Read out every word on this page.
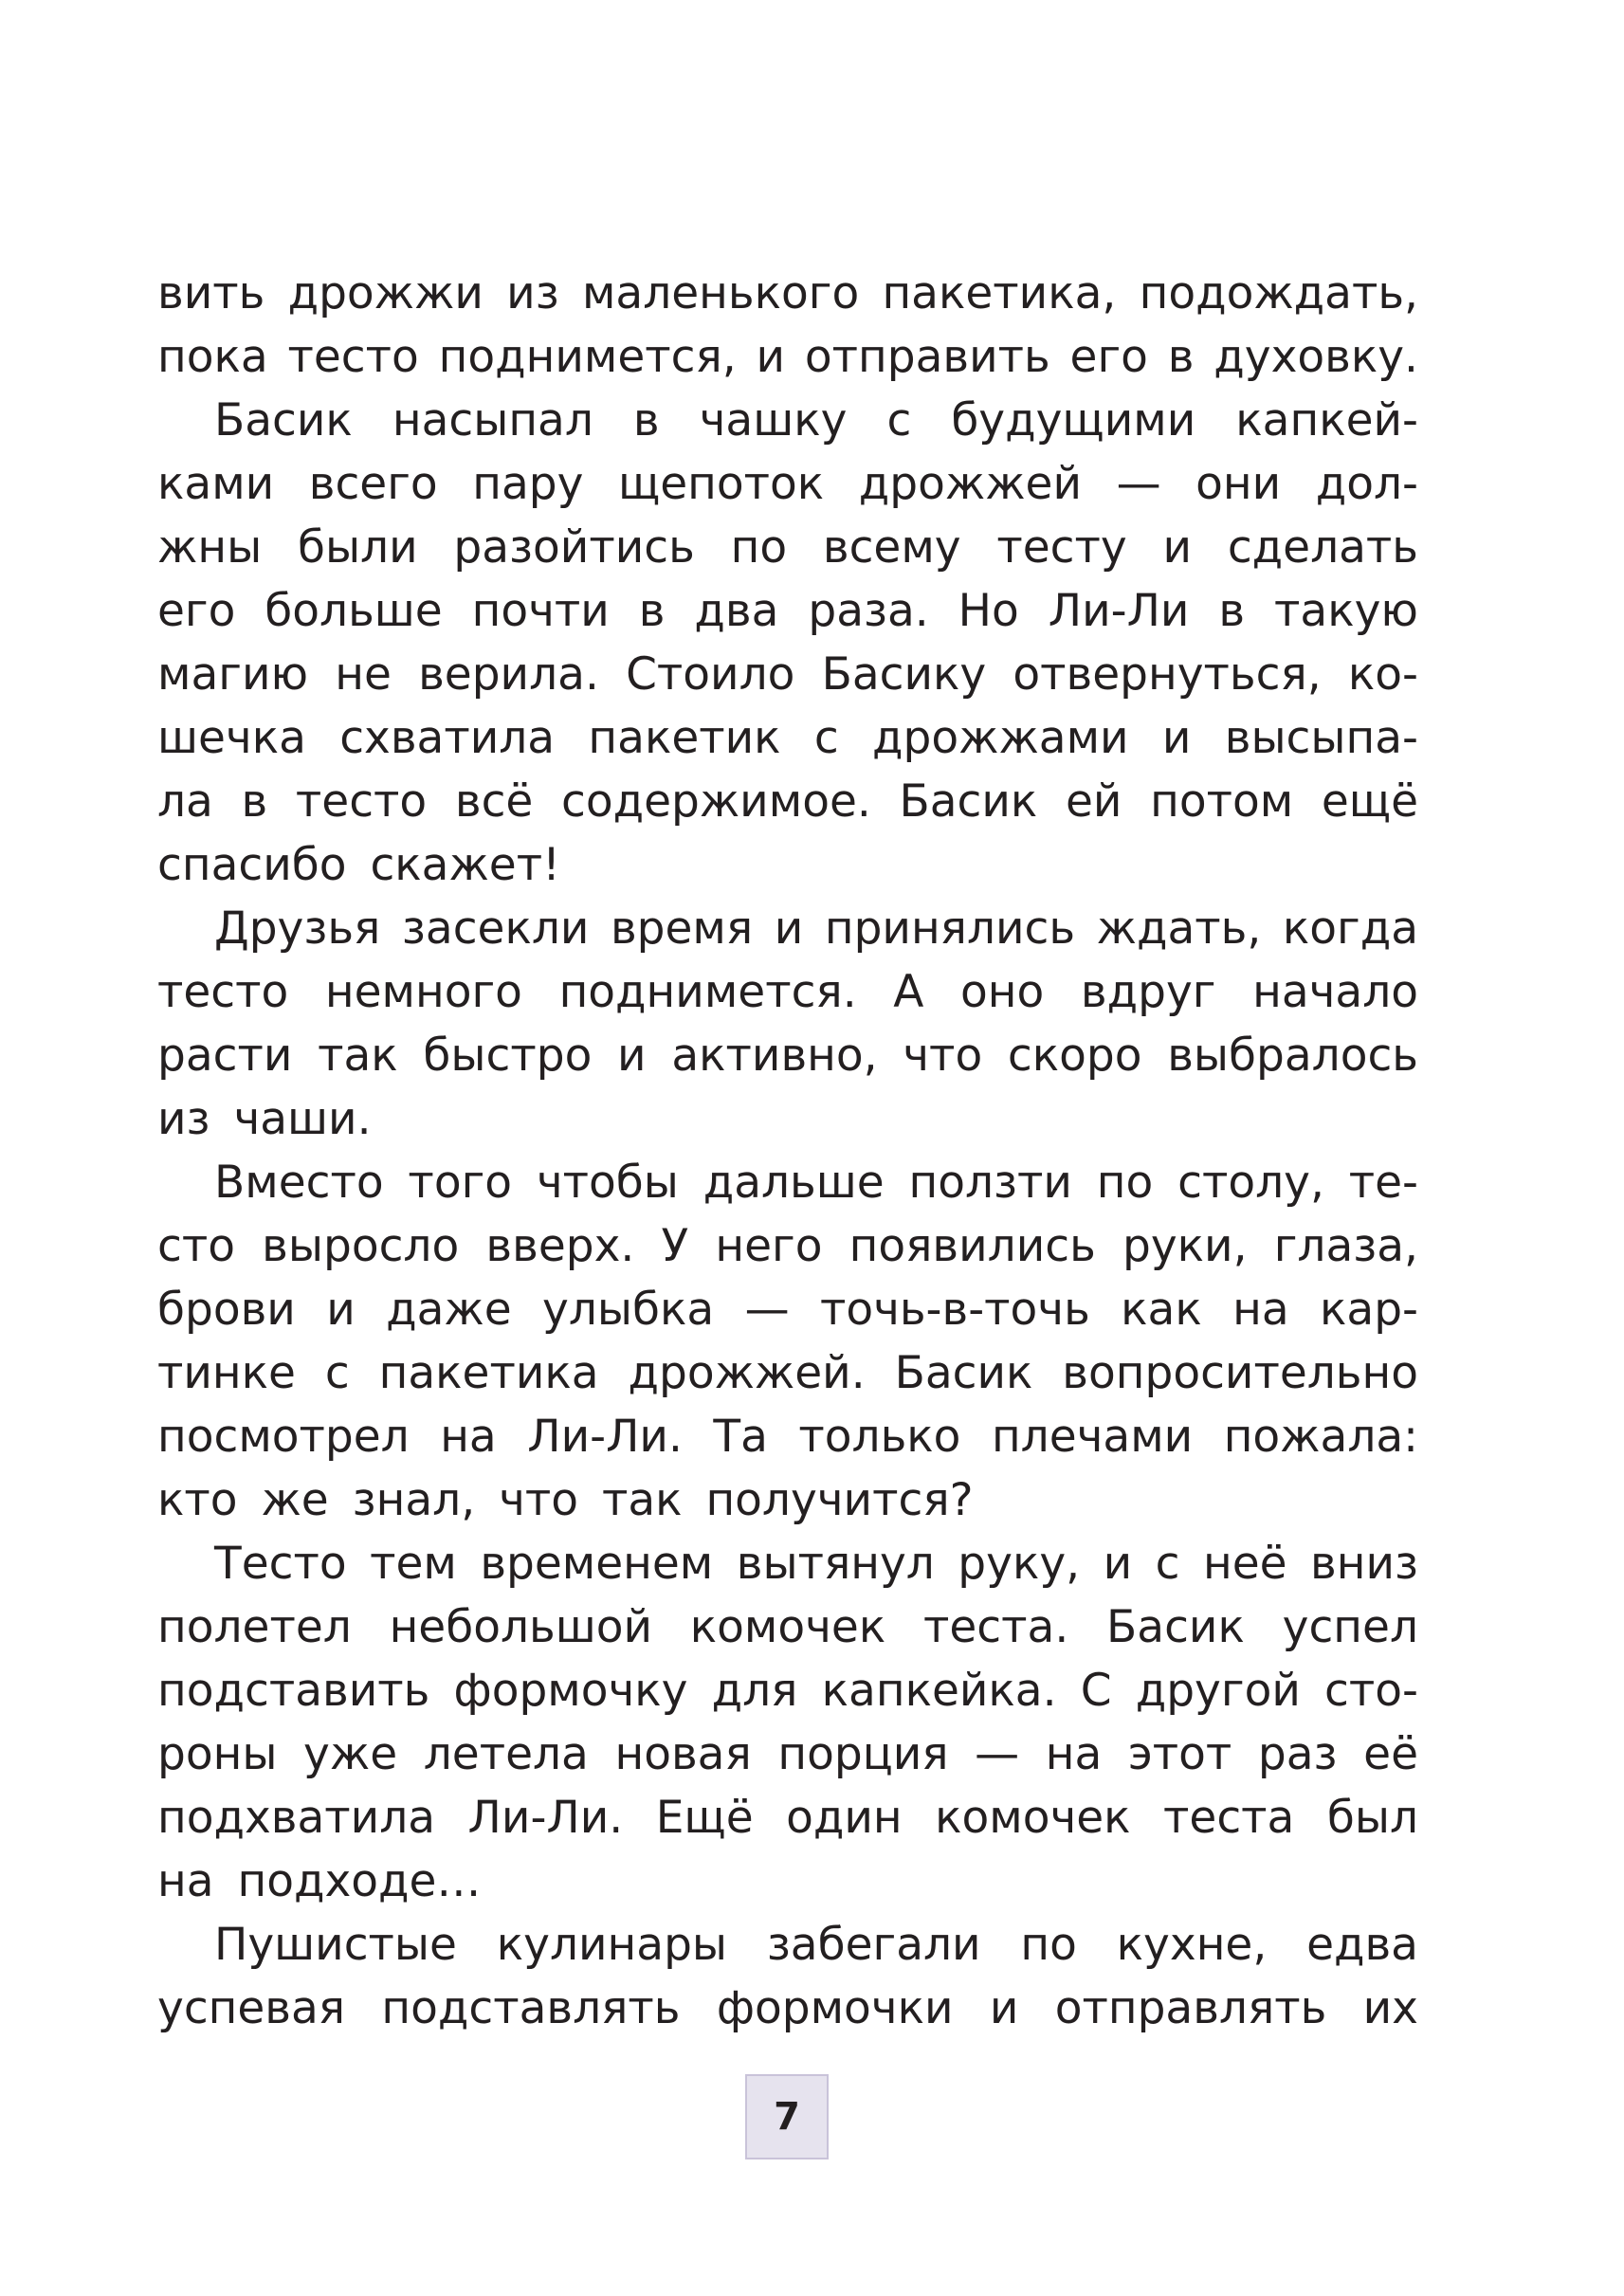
вить дрожжи из маленького пакетика, подождать,
пока тесто поднимется, и отправить его в духовку.
Басик насыпал в чашку с будущими капкей-
ками всего пару щепоток дрожжей — они дол-
жны были разойтись по всему тесту и сделать
его больше почти в два раза. Но Ли-Ли в такую
магию не верила. Стоило Басику отвернуться, ко-
шечка схватила пакетик с дрожжами и высыпа-
ла в тесто всё содержимое. Басик ей потом ещё
спасибо скажет!
Друзья засекли время и принялись ждать, когда
тесто немного поднимется. А оно вдруг начало
расти так быстро и активно, что скоро выбралось
из чаши.
Вместо того чтобы дальше ползти по столу, те-
сто выросло вверх. У него появились руки, глаза,
брови и даже улыбка — точь-в-точь как на кар-
тинке с пакетика дрожжей. Басик вопросительно
посмотрел на Ли-Ли. Та только плечами пожала:
кто же знал, что так получится?
Тесто тем временем вытянул руку, и с неё вниз
полетел небольшой комочек теста. Басик успел
подставить формочку для капкейка. С другой сто-
роны уже летела новая порция — на этот раз её
подхватила Ли-Ли. Ещё один комочек теста был
на подходе…
Пушистые кулинары забегали по кухне, едва
успевая подставлять формочки и отправлять их
7
